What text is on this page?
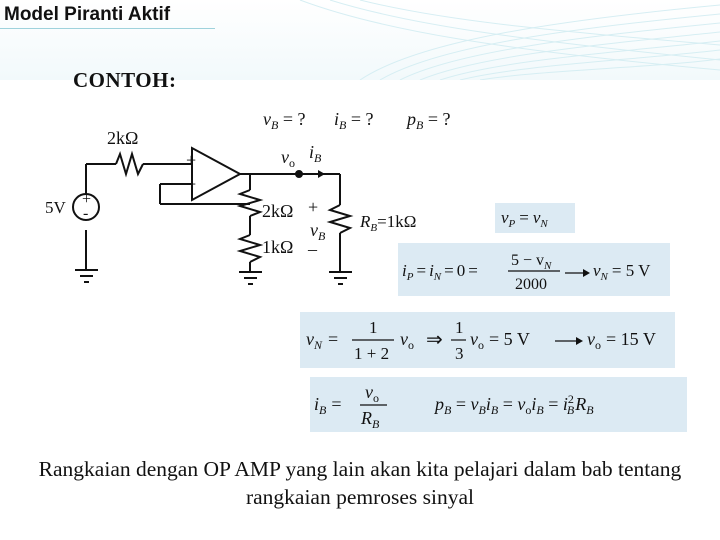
Model Piranti Aktif
CONTOH:
5V +
-
2kΩ
+
−
$v_B$ = ? $i_B$ = ? $p_B$ = ?
$v_o$
$i_B$
2kΩ +
$v_B$
1kΩ –
$R_B=1k\Omega$	$v_P = v_N$
$i_P = i_N = 0$ =
$5 - v_N$
2000
$v_N = 5$ V
$v_N$ =
1
1 + 2
$v_o$ ⇒
1
3
$v_o = 5$ V	$v_o = 15$ V
$i_B$ =
$v_o$
$R_B$
$p_B = v_Bi_B = v_oi_B = i^2$ $BR_B$

Rangkaian dengan OP AMP yang lain akan kita pelajari dalam bab tentang rangkaian pemroses sinyal
